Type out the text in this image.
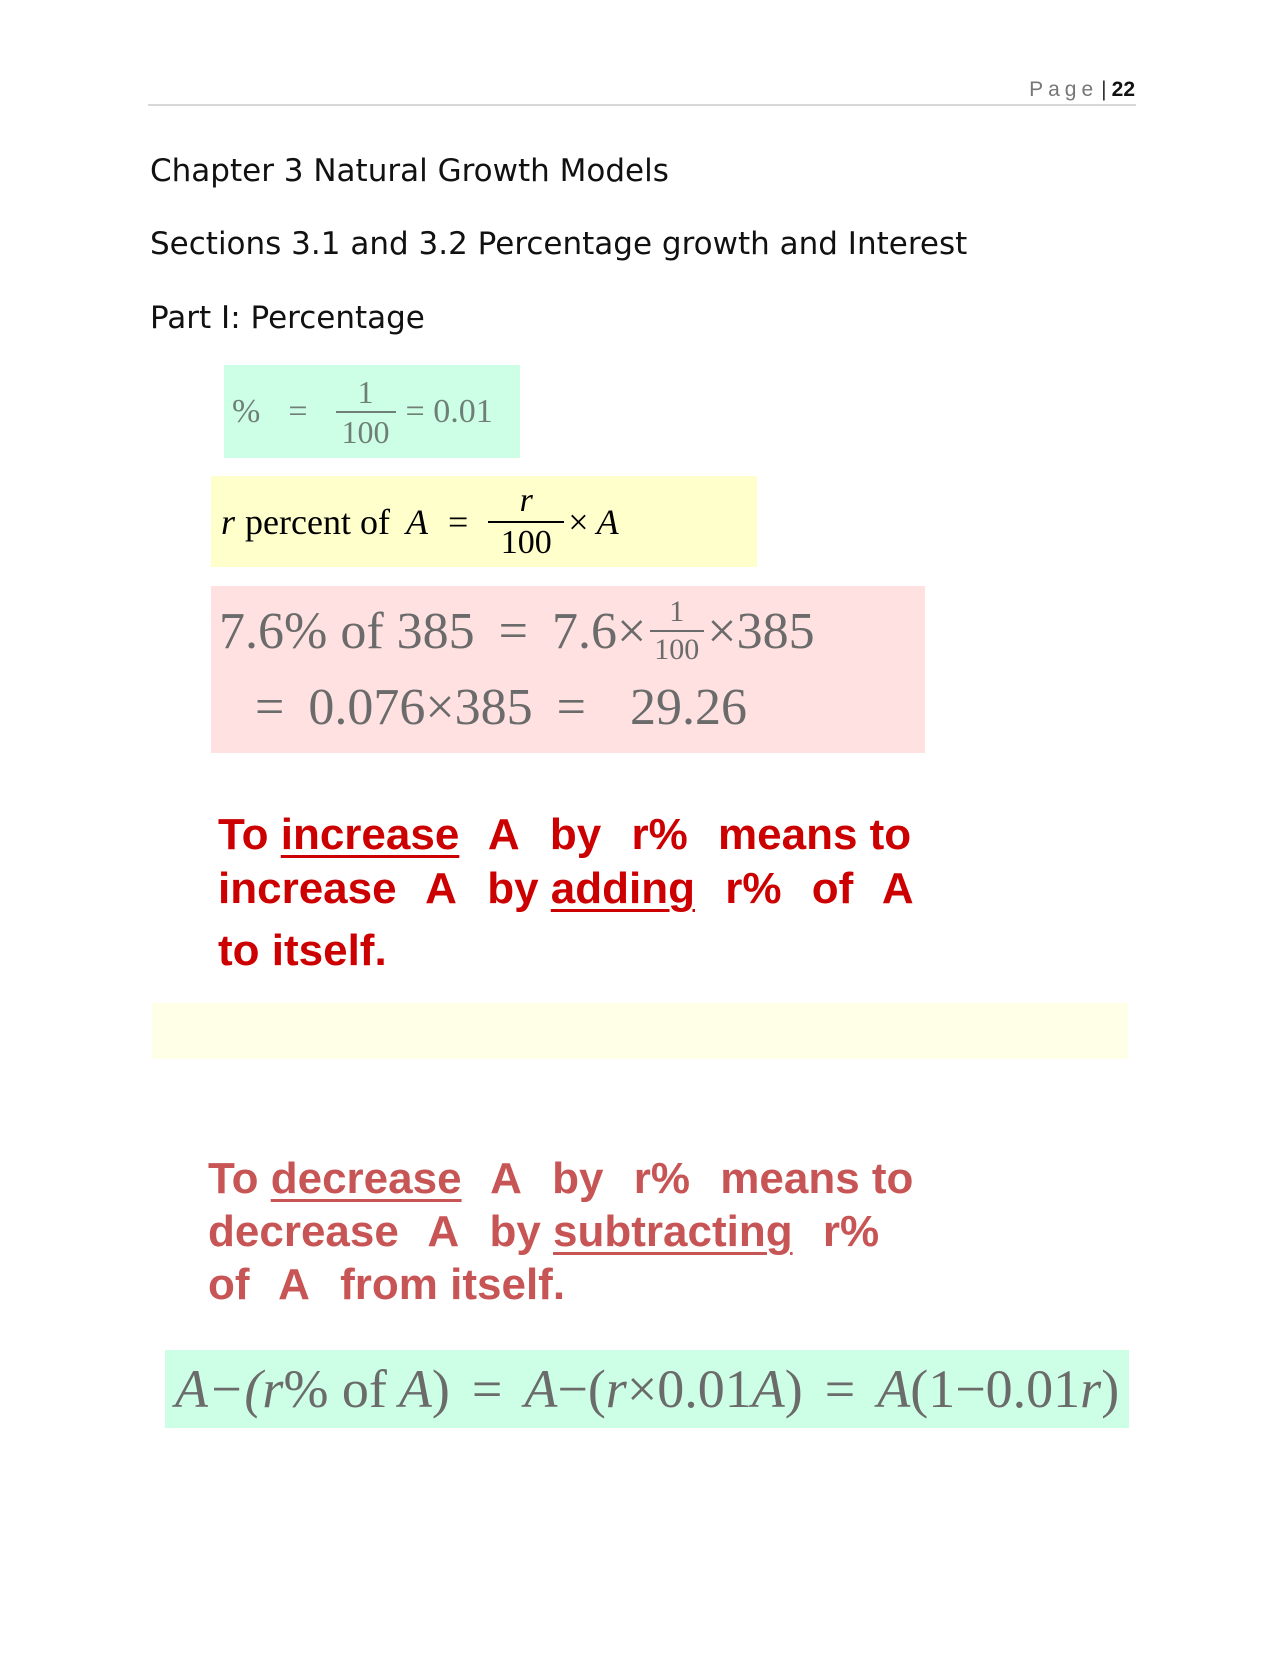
Page | 22
Chapter 3 Natural Growth Models
Sections 3.1 and 3.2 Percentage growth and Interest
Part I: Percentage
% = $\frac{1}{100} = 0.01$
r percent of $A = \frac{r}{100} \times A$
7.6% of $385 = 7.6\times \frac{1}{100} \times 385$
= 0.076×385 = 29.26
To increase A by r% means to
increase A by adding r% of A
to itself.
To decrease A by r% means to
decrease A by subtracting r%
of A from itself.
A−( r % of A ) = A −( r ×0.01 A ) = A (1−0.01 r )
